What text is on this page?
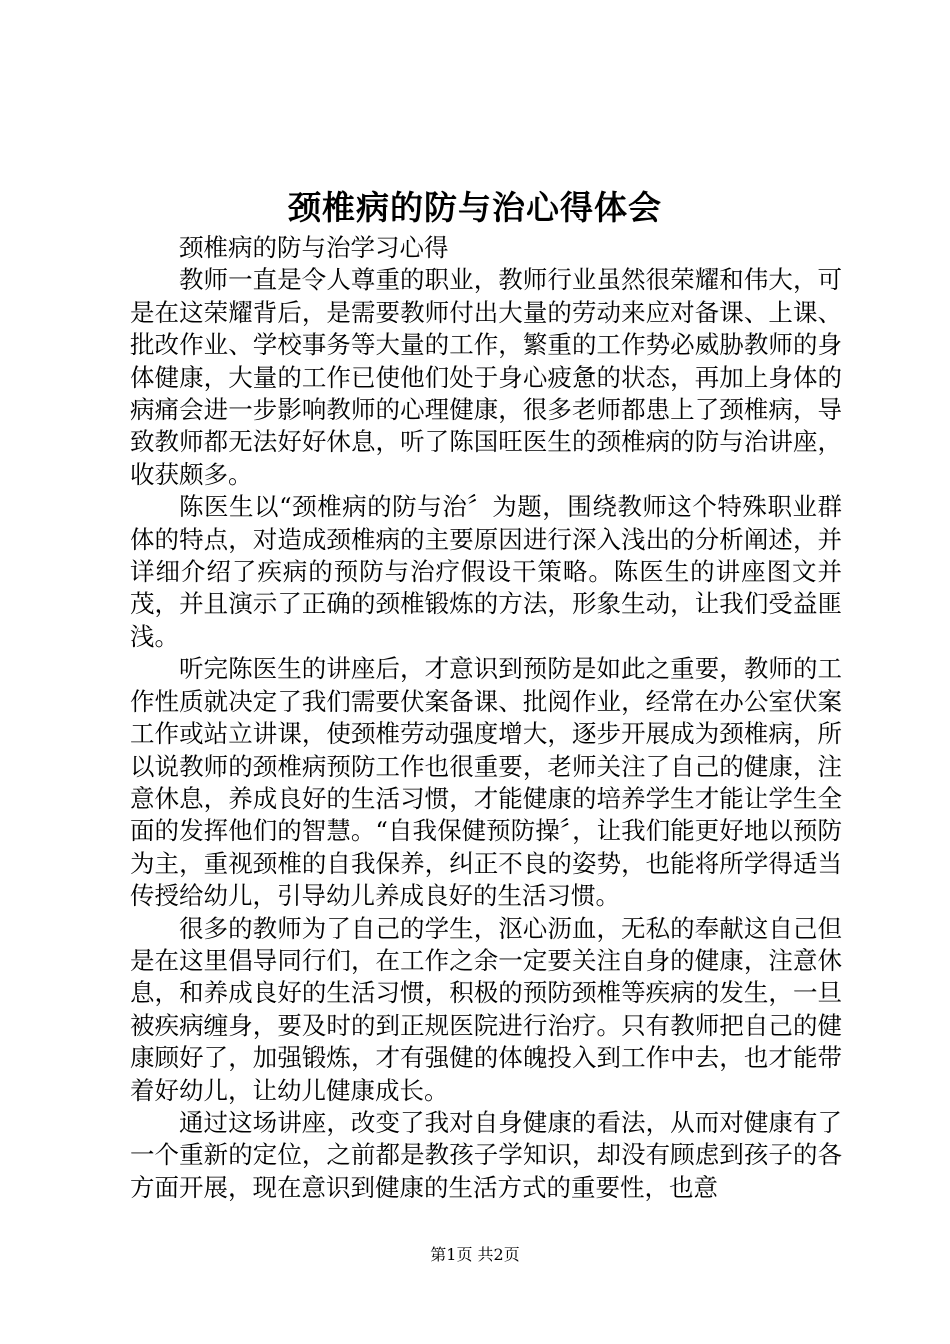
颈椎病的防与治心得体会

颈椎病的防与治学习心得

教师一直是令人尊重的职业，教师行业虽然很荣耀和伟大，可是在这荣耀背后，是需要教师付出大量的劳动来应对备课、上课、批改作业、学校事务等大量的工作，繁重的工作势必威胁教师的身体健康，大量的工作已使他们处于身心疲惫的状态，再加上身体的病痛会进一步影响教师的心理健康，很多老师都患上了颈椎病，导致教师都无法好好休息，听了陈国旺医生的颈椎病的防与治讲座，收获颇多。

陈医生以“颈椎病的防与治〞为题，围绕教师这个特殊职业群体的特点，对造成颈椎病的主要原因进行深入浅出的分析阐述，并详细介绍了疾病的预防与治疗假设干策略。陈医生的讲座图文并茂，并且演示了正确的颈椎锻炼的方法，形象生动，让我们受益匪浅。

听完陈医生的讲座后，才意识到预防是如此之重要，教师的工作性质就决定了我们需要伏案备课、批阅作业，经常在办公室伏案工作或站立讲课，使颈椎劳动强度增大，逐步开展成为颈椎病，所以说教师的颈椎病预防工作也很重要，老师关注了自己的健康，注意休息，养成良好的生活习惯，才能健康的培养学生才能让学生全面的发挥他们的智慧。“自我保健预防操〞，让我们能更好地以预防为主，重视颈椎的自我保养，纠正不良的姿势，也能将所学得适当传授给幼儿，引导幼儿养成良好的生活习惯。

很多的教师为了自己的学生，沤心沥血，无私的奉献这自己但是在这里倡导同行们，在工作之余一定要关注自身的健康，注意休息，和养成良好的生活习惯，积极的预防颈椎等疾病的发生，一旦被疾病缠身，要及时的到正规医院进行治疗。只有教师把自己的健康顾好了，加强锻炼，才有强健的体魄投入到工作中去，也才能带着好幼儿，让幼儿健康成长。

通过这场讲座，改变了我对自身健康的看法，从而对健康有了一个重新的定位，之前都是教孩子学知识，却没有顾虑到孩子的各方面开展，现在意识到健康的生活方式的重要性，也意

第1页 共2页
